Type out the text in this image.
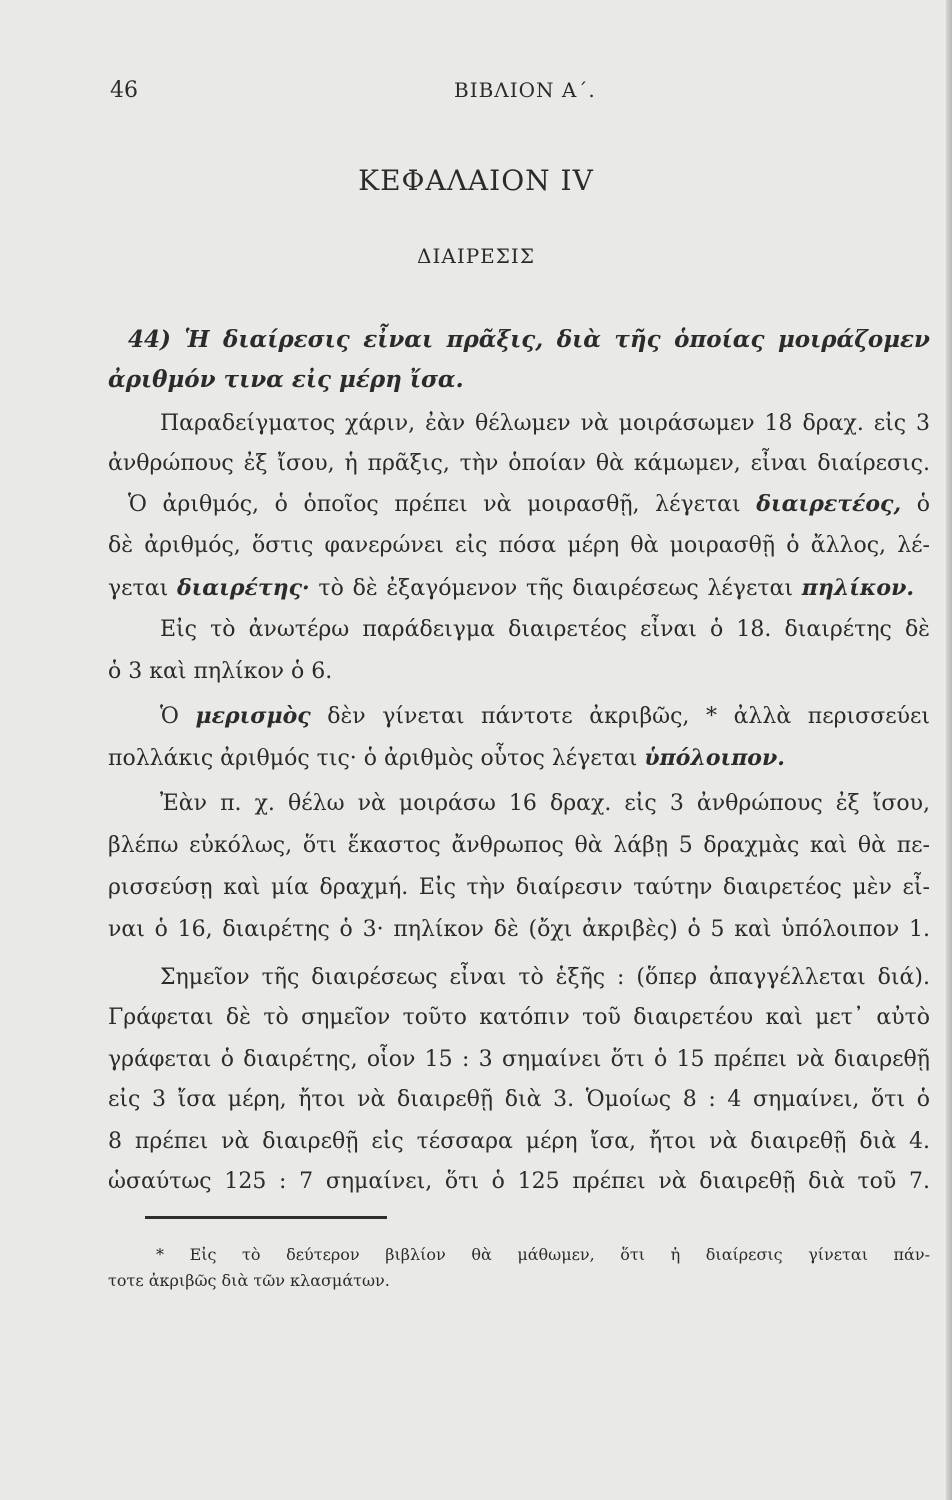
46	ΒΙΒΛΙΟΝ Α΄.
ΚΕΦΑΛΑΙΟΝ IV
ΔΙΑΙΡΕΣΙΣ
44) Ἡ διαίρεσις εἶναι πρᾶξις, διὰ τῆς ὁποίας μοιράζομεν
ἀριθμόν τινα εἰς μέρη ἴσα.
Παραδείγματος χάριν, ἐὰν θέλωμεν νὰ μοιράσωμεν 18 δραχ. εἰς 3
ἀνθρώπους ἐξ ἴσου, ἡ πρᾶξις, τὴν ὁποίαν θὰ κάμωμεν, εἶναι διαίρεσις.
Ὁ ἀριθμός, ὁ ὁποῖος πρέπει νὰ μοιρασθῇ, λέγεται διαιρετέος, ὁ
δὲ ἀριθμός, ὅστις φανερώνει εἰς πόσα μέρη θὰ μοιρασθῇ ὁ ἄλλος, λέ-
γεται διαιρέτης· τὸ δὲ ἐξαγόμενον τῆς διαιρέσεως λέγεται πηλίκον.
Εἰς τὸ ἀνωτέρω παράδειγμα διαιρετέος εἶναι ὁ 18. διαιρέτης δὲ
ὁ 3 καὶ πηλίκον ὁ 6.
Ὁ μερισμὸς δὲν γίνεται πάντοτε ἀκριβῶς, * ἀλλὰ περισσεύει
πολλάκις ἀριθμός τις· ὁ ἀριθμὸς οὗτος λέγεται ὑπόλοιπον.
Ἐὰν π. χ. θέλω νὰ μοιράσω 16 δραχ. εἰς 3 ἀνθρώπους ἐξ ἴσου,
βλέπω εὐκόλως, ὅτι ἕκαστος ἄνθρωπος θὰ λάβῃ 5 δραχμὰς καὶ θὰ πε-
ρισσεύσῃ καὶ μία δραχμή. Εἰς τὴν διαίρεσιν ταύτην διαιρετέος μὲν εἶ-
ναι ὁ 16, διαιρέτης ὁ 3· πηλίκον δὲ (ὄχι ἀκριβὲς) ὁ 5 καὶ ὑπόλοιπον 1.
Σημεῖον τῆς διαιρέσεως εἶναι τὸ ἑξῆς : (ὅπερ ἀπαγγέλλεται διά).
Γράφεται δὲ τὸ σημεῖον τοῦτο κατόπιν τοῦ διαιρετέου καὶ μετ᾽ αὐτὸ
γράφεται ὁ διαιρέτης, οἷον 15 : 3 σημαίνει ὅτι ὁ 15 πρέπει νὰ διαιρεθῇ
εἰς 3 ἴσα μέρη, ἤτοι νὰ διαιρεθῇ διὰ 3. Ὁμοίως 8 : 4 σημαίνει, ὅτι ὁ
8 πρέπει νὰ διαιρεθῇ εἰς τέσσαρα μέρη ἴσα, ἤτοι νὰ διαιρεθῇ διὰ 4.
ὡσαύτως 125 : 7 σημαίνει, ὅτι ὁ 125 πρέπει νὰ διαιρεθῇ διὰ τοῦ 7.
* Εἰς τὸ δεύτερον βιβλίον θὰ μάθωμεν, ὅτι ἡ διαίρεσις γίνεται πάν-
τοτε ἀκριβῶς διὰ τῶν κλασμάτων.
